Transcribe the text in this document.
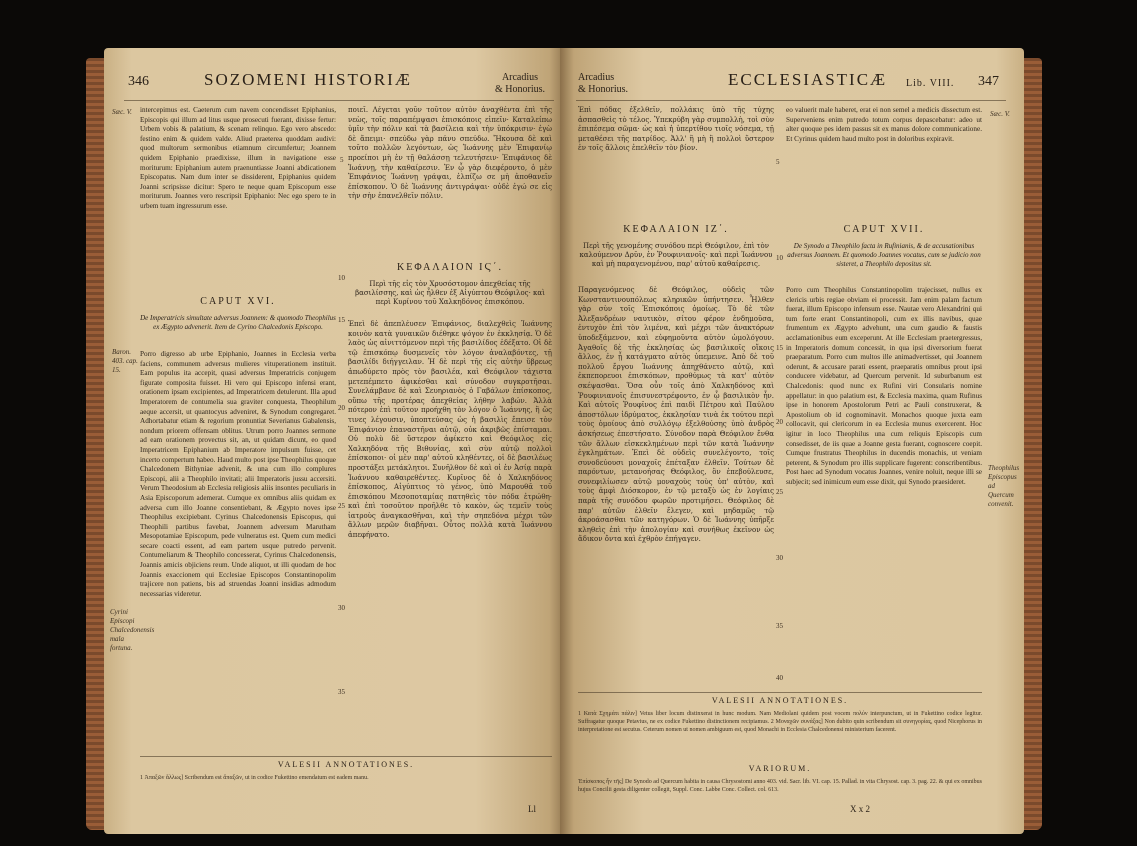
346	SOZOMENI HISTORIÆ	Arcadius
& Honorius.
Sæc. V. intercepimus est. Caeterum cum navem concendisset Epiphanius, Episcopis qui illum ad litus usque prosecuti fuerant, dixisse fertur: Urbem vobis & palatium, & scenam relinquo. Ego vero abscedo: festino enim & quidem valde. Aliud praeterea quoddam audivi: quod multorum sermonibus etiamnum circumfertur; Joannem quidem Epiphanio praedixisse, illum in navigatione esse moriturum: Epiphanium autem praenuntiasse Joanni abdicationem Episcopatus. Nam dum inter se dissiderent, Epiphanius quidem Joanni scripsisse dicitur: Spero te neque quam Episcopum esse moriturum. Joannes vero rescripsit Epiphanio: Nec ego spero te in urbem tuam ingressurum esse.
ποιεῖ. Λέγεται γοῦν τοῦτον αὐτὸν ἀναχθέντα ἐπὶ τῆς νεὼς, τοῖς παραπέμψασι ἐπισκόποις εἰπεῖν· Καταλείπω ὑμῖν τὴν πόλιν καὶ τὰ βασίλεια καὶ τὴν ὑπόκρισιν· ἐγὼ δὲ ἄπειμι· σπεύδω γὰρ πάνυ σπεύδω. Ἤκουσα δὲ καὶ τοῦτο πολλῶν λεγόντων, ὡς Ἰωάννης μὲν Ἐπιφανίῳ προείποι μὴ ἐν τῇ θαλάσσῃ τελευτήσειν· Ἐπιφάνιος δὲ Ἰωάννῃ, τὴν καθαίρεσιν. Ἐν ᾧ γὰρ διεφέροντο, ὁ μὲν Ἐπιφάνιος Ἰωάννῃ γράψαι, ἐλπίζω σε μὴ ἀποθανεῖν ἐπίσκοπον. Ὁ δὲ Ἰωάννης ἀντιγράψαι· οὐδὲ ἐγώ σε εἰς τὴν σὴν ἐπανελθεῖν πόλιν.
CAPUT XVI.
De Imperatricis simultate adversus Joannem: & quomodo Theophilus ex Ægypto advenerit. Item de Cyrino Chalcedonis Episcopo.
ΚΕΦΑΛΑΙΟΝ ΙϚ΄.
Περὶ τῆς εἰς τὸν Χρυσόστομον ἀπεχθείας τῆς βασιλίσσης, καὶ ὡς ἦλθεν ἐξ Αἰγύπτου Θεόφιλος· καὶ περὶ Κυρίνου τοῦ Χαλκηδόνος ἐπισκόπου.
Baron. 403. cap. 15.
Cyrini Episcopi Chalcedonensis mala fortuna.
Porro digresso ab urbe Epiphanio, Joannes in Ecclesia verba faciens, communem adversus mulieres vituperationem instituit. Eam populus ita accepit, quasi adversus Imperatricis conjugem figurate composita fuisset. Hi vero qui Episcopo infensi erant, orationem ipsam excipientes, ad Imperatricem detulerunt. Illa apud Imperatorem de contumelia sua graviter conquesta, Theophilum aeque accersit, ut quantocyus adveniret, & Synodum congregaret. Adhortabatur etiam & regorium pronuntiat Severianus Gabalensis, nondum priorem offensam oblitus. Utrum porro Joannes sermone ad eam orationem provectus sit, an, ut quidam dicunt, eo quod Imperatricem Epiphanium ab Imperatore impulsum fuisse, cet incerto compertum habeo. Haud multo post ipse Theophilus quoque Chalcedonem Bithyniae advenit, & una cum illo complures Episcopi, alii a Theophilo invitati; alii Imperatoris jussu accersiti. Verum Theodosium ab Ecclesia religiosis aliis insontes peculiaris in Asia Episcoporum ademerat. Cumque ex omnibus aliis quidam ex adversa cum illo Joanne consentiebant, & Ægypto noves ipse Theophilus excipiebant. Cyrinus Chalcedonensis Episcopus, qui Theophili partibus favebat, Joannem adversum Marutham Mesopotamiae Episcopum, pede vulneratus est. Quem cum medici secare coacti essent, ad eam partem usque putredo pervenit. Contumeliarum & Theophilo concesserat, Cyrinus Chalcedonensis, Joannis amicis objiciens reum. Unde aliquot, ut illi quodam de hoc Joannis exaccionem qui Ecclesiae Episcopos Constantinopolim trajicere non patiens, bis ad struendas Joanni insidias admodum necessarias videretur.
Ἐπεὶ δὲ ἀπεπλέυσεν Ἐπιφάνιος, διαλεχθεὶς Ἰωάννης κοινὸν κατὰ γυναικῶν διέθηκε ψόγον ἐν ἐκκλησίᾳ. Ὁ δὲ λαὸς ὡς αἰνιττόμενον περὶ τῆς βασιλίδος ἐδέξατο. Οἱ δὲ τῷ ἐπισκόπῳ δυσμενεῖς τὸν λόγον ἀναλαβόντες, τῇ βασιλίδι διήγγειλαν. Ἡ δὲ περὶ τῆς εἰς αὐτὴν ὕβρεως ἀπωδύρετο πρὸς τὸν βασιλέα, καὶ Θεόφιλον τάχιστα μετεπέμπετο ἀφικέσθαι καὶ σύνοδον συγκροτῆσαι. Συνελάμβανε δὲ καὶ Σευηριανὸς ὁ Γαβάλων ἐπίσκοπος, οὔπω τῆς προτέρας ἀπεχθείας λήθην λαβών. Ἀλλὰ πότερον ἐπὶ τοῦτον προήχθη τὸν λόγον ὁ Ἰωάννης, ἢ ὥς τινες λέγουσιν, ὑποπτεύσας ὡς ἡ βασιλὶς ἔπεισε τὸν Ἐπιφάνιον ἐπαναστῆναι αὐτῷ, οὐκ ἀκριβῶς ἐπίσταμαι. Οὐ πολὺ δὲ ὕστερον ἀφίκετο καὶ Θεόφιλος εἰς Χαλκηδόνα τῆς Βιθυνίας, καὶ σὺν αὐτῷ πολλοὶ ἐπίσκοποι· οἱ μὲν παρ' αὐτοῦ κληθέντες, οἱ δὲ βασιλέως προστάξει μετάκλητοι. Συνῆλθον δὲ καὶ οἱ ἐν Ἀσίᾳ παρὰ Ἰωάννου καθαιρεθέντες. Κυρῖνος δὲ ὁ Χαλκηδόνος ἐπίσκοπος, Αἰγύπτιος τὸ γένος, ὑπὸ Μαρουθᾶ τοῦ ἐπισκόπου Μεσοποταμίας πατηθεὶς τὸν πόδα ἐτρώθη· καὶ ἐπὶ τοσοῦτον προῆλθε τὸ κακὸν, ὡς τεμεῖν τοὺς ἰατροὺς ἀναγκασθῆναι, καὶ τὴν σηπεδόνα μέχρι τῶν ἄλλων μερῶν διαβῆναι. Οὗτος πολλὰ κατὰ Ἰωάννου ἀπεφήνατο.
5
10
15
20
25
30
35
VALESII ANNOTATIONES.
1 Ἀπαξῶν ἄλλως] Scribendum est ἄπαξῶν, ut in codice Fukettino emendatum est eadem manu.
Ll
Arcadius
& Honorius.
ECCLESIASTICÆ Lib. VIII. 347
Ἐπὶ πόδας ἐξελθεῖν, πολλάκις ὑπὸ τῆς τύχης ἀσπασθεὶς τὸ τέλος. Ὑπεκρύβη γὰρ συμπολλὴ, τοὶ σὺν ἐπιπέσεμα σῶμα· ὡς καὶ ἡ ὑπερτίθου τιοῖς νόσεμα, τῇ μεταθέσει τῆς πατρίδος. Ἀλλ' ἢ μὴ ἢ πολλοὶ ὕστερον ἐν τοῖς ἄλλοις ἐπελθεῖν τὸν βίον.
eo valuerit male haberet, erat ei non semel a medicis dissectum est. Superveniens enim putredo totum corpus depascebatur: adeo ut alter quoque pes idem passus sit ex manus dolore communicatione. Et Cyrinus quidem haud multo post in doloribus expiravit.
Sæc. V.
ΚΕΦΑΛΑΙΟΝ ΙΖ΄.
Περὶ τῆς γενομένης συνόδου περὶ Θεόφιλον, ἐπὶ τὸν καλούμενον Δρῦν, ἐν Ῥουφινιανοῖς· καὶ περὶ Ἰωάννου καὶ μὴ παραγενομένου, παρ' αὐτοῦ καθαίρεσις.
CAPUT XVII.
De Synodo a Theophilo facta in Rufinianis, & de accusationibus adversus Joannem. Et quomodo Joannes vocatus, cum se judicio non sisteret, a Theophilo depositus sit.
Παραγενόμενος δὲ Θεόφιλος, οὐδεὶς τῶν Κωνσταντινουπόλεως κληρικῶν ὑπήντησεν. Ἦλθεν γὰρ σὺν τοῖς Ἐπισκόποις ὁμοίως. Τὸ δὲ τῶν Ἀλεξανδρέων ναυτικὸν, σίτου φέρον ἐνδημοῦσα, ἐντυχὸν ἐπὶ τὸν λιμένα, καὶ μέχρι τῶν ἀνακτόρων ὑποδεξάμενον, καὶ εὐφημοῦντα αὐτὸν ὠμολόγουν. Ἀγαθοῖς δὲ τῆς ἐκκλησίας ὡς βασιλικοῖς οἴκοις ἄλλος, ἐν ᾗ κατάγματο αὐτὸς ὑπεμεινε. Ἀπὸ δὲ τοῦ πολλοῦ ἔργου Ἰωάννης ἀπηχθάνετο αὐτῷ, καὶ ἐκπεπορευοι ἐπισκόπων, προθύμως τὰ κατ' αὐτὸν σκέψασθαι. Ὅσα οὖν τοῖς ἀπὸ Χαλκηδόνος καὶ Ῥουφινιανοῖς ἐπισυνεστρέφοντο, ἐν ᾧ βασιλικὸν ἦν. Καὶ αὐτοῖς Ῥουφῖνος ἐπὶ παιδὶ Πέτρου καὶ Παύλου ἀποστόλων ἱδρύματος, ἐκκλησίαν τινὰ ἐκ τούτου περὶ τοὺς ὁμοίους ἀπὸ συλλόγῳ ἐξελθούσης ὑπὸ ἀνδρὸς ἀσκήσεως ἐπεστήσατο. Σύνοδον παρὰ Θεόφιλον ἔνθα τῶν ἄλλων εἰσκεκλημένων περὶ τῶν κατὰ Ἰωάννην ἐγκλημάτων. Ἐπεὶ δὲ οὐδεὶς συνελέγοντο, τοῖς συνοδεύουσι μοναχοῖς ἐπέταξαν ἐλθεῖν. Τούτων δὲ παρόντων, μετανοήσας Θεόφιλος, ὃν ἐπεβούλευσε, συνεφιλίωσεν αὐτῷ μοναχοὺς τοὺς ὑπ' αὐτὸν, καὶ τοὺς ἀμφὶ Διόσκορον, ἐν τῷ μεταξὺ ὡς ἐν λογίαις παρὰ τῆς συνόδου φωρῶν προτιμήσει. Θεόφιλος δὲ παρ' αὐτῶν ἐλθεῖν ἔλεγεν, καὶ μηδαμῶς τῷ ἀκροάσασθαι τῶν κατηγόρων. Ὁ δὲ Ἰωάννης ὑπῆρξε κληθεὶς ἐπὶ τὴν ἀπολογίαν καὶ συνήθως ἐκεῖνον ὡς ἄδικον ὄντα καὶ ἐχθρὸν ἐπήγαγεν.
Porro cum Theophilus Constantinopolim trajecisset, nullus ex clericis urbis regiae obviam ei processit. Jam enim palam factum fuerat, illum Episcopo infensum esse. Nautae vero Alexandrini qui tum forte erant Constantinopoli, cum ex illis navibus, quae frumentum ex Ægypto advehunt, una cum gaudio & faustis acclamationibus eum exceperunt. At ille Ecclesiam praetergressus, in Imperatoris domum concessit, in qua ipsi diversorium fuerat praeparatum. Porro cum multos ille animadvertisset, qui Joannem oderunt, & accusare parati essent, praeparatis omnibus prout ipsi conducere videbatur, ad Quercum pervenit. Id suburbanum est Chalcedonis: quod nunc ex Rufini viri Consularis nomine appellatur: in quo palatium est, & Ecclesia maxima, quam Rufinus ipse in honorem Apostolorum Petri ac Pauli construxerat, & Apostolium ob id cognominavit. Monachos quoque juxta eam collocavit, qui clericorum in ea Ecclesia munus exercerent. Hoc igitur in loco Theophilus una cum reliquis Episcopis cum consedisset, de iis quae a Joanne gesta fuerant, cognoscere coepit. Cumque frustratus Theophilus in ducendis monachis, ut veniam peterent, & Synodum pro illis supplicare fugerent: conscribentibus. Post haec ad Synodum vocatus Joannes, venire noluit, neque illi se subjecit; sed inimicum eum esse dixit, qui Synodo praesideret.
5
10
15
20
25
30
35
40
Theophilus Episcopus ad Quercum convenit.
VALESII ANNOTATIONES.
1 Κατὰ Σχημάτι πάλιν] Vetus liber locum distinxerat in hunc modum. Nam Mediolani quidem post vocem πολύν interpunctum, ut in Fukettino codice legitur. Suffragatur quoque Petavius, ne ex codice Fukettino distinctionem recipiamus. 2 Μοναχῶν συνάξας] Non dubito quin scribendum sit συνηγορίας, quod Nicephorus in interpretatione est secutus. Ceterum nomen ut nomen ambiguum est, quod Monachi in Ecclesia Chalcedonensi ministerium facerent.
VARIORUM.
Ἐπίσκοπος ἦν τῆς] De Synodo ad Quercum habita in causa Chrysostomi anno 403. vid. Sacr. lib. VI. cap. 15. Pallad. in vita Chrysost. cap. 3. pag. 22. & qui ex omnibus hujus Concilii gesta diligenter collegit, Suppl. Conc. Labbe Conc. Collect. col. 613.
X x 2
